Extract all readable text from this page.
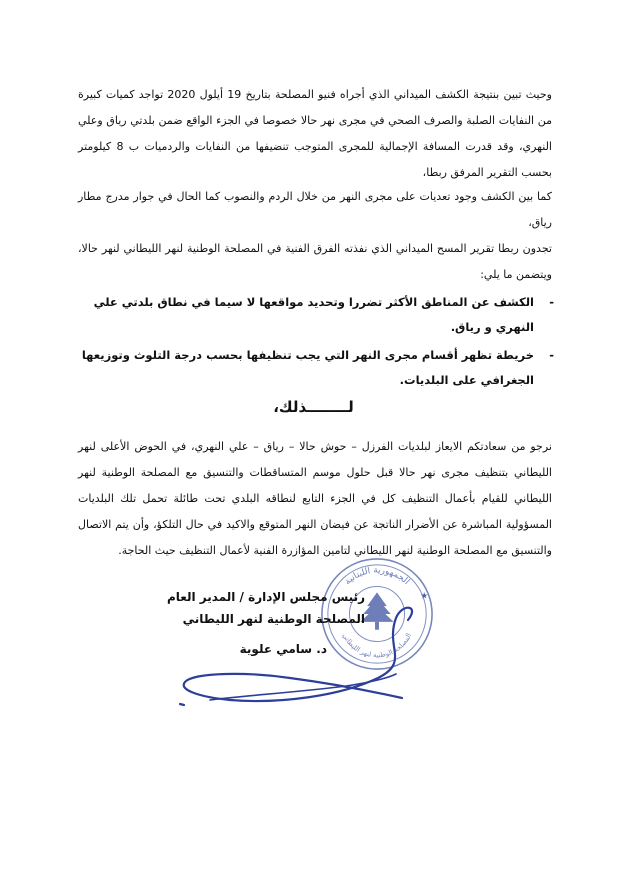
وحيث تبين بنتيجة الكشف الميداني الذي أجراه فنيو المصلحة بتاريخ 19 أيلول 2020 تواجد كميات كبيرة من النفايات الصلبة والصرف الصحي في مجرى نهر حالا خصوصا في الجزء الواقع ضمن بلدتي رياق وعلي النهري، وقد قدرت المسافة الإجمالية للمجرى المتوجب تنضيفها من النفايات والردميات ب 8 كيلومتر بحسب التقرير المرفق ربطا،
كما بين الكشف وجود تعديات على مجرى النهر من خلال الردم والنصوب كما الحال في جوار مدرج مطار رياق،
تجدون ربطا تقرير المسح الميداني الذي نفذته الفرق الفنية في المصلحة الوطنية لنهر الليطاني لنهر حالا، ويتضمن ما يلي:
-
الكشف عن المناطق الأكثر تضررا وتحديد مواقعها لا سيما في نطاق بلدتي علي النهري و رياق.
-
خريطة تظهر أقسام مجرى النهر التي يجب تنظيفها بحسب درجة التلوث وتوزيعها الجغرافي على البلديات.
لــــــــذلك،
نرجو من سعادتكم الايعاز لبلديات الفرزل – حوش حالا – رياق – علي النهري، في الحوض الأعلى لنهر الليطاني بتنظيف مجرى نهر حالا قبل حلول موسم المتساقطات والتنسيق مع المصلحة الوطنية لنهر الليطاني للقيام بأعمال التنظيف كل في الجزء التابع لنطاقه البلدي تحت طائلة تحمل تلك البلديات المسؤولية المباشرة عن الأضرار الناتجة عن فيضان النهر المتوقع والاكيد في حال التلكؤ، وأن يتم الاتصال والتنسيق مع المصلحة الوطنية لنهر الليطاني لتامين المؤازرة الفنية لأعمال التنظيف حيث الحاجة.
الجمهورية اللبنانية
المصلحة الوطنية لنهر الليطاني
★
رئيس مجلس الإدارة / المدير العام
المصلحة الوطنية لنهر الليطاني
د. سامي علوية
